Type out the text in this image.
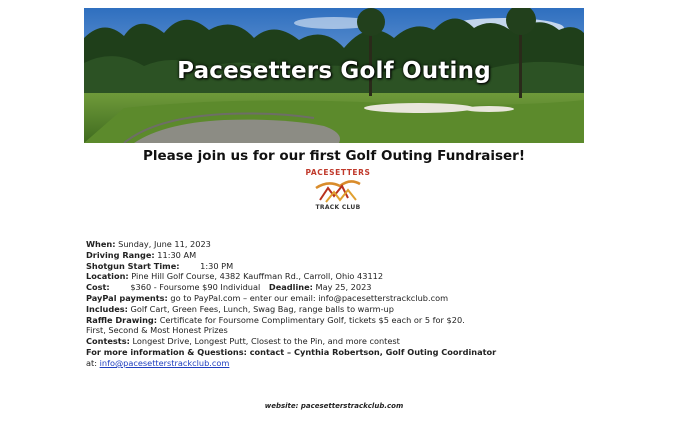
Pacesetters Golf Outing
Please join us for our first Golf Outing Fundraiser!
PACESETTERS
TRACK CLUB
When: Sunday, June 11, 2023
Driving Range: 11:30 AM
Shotgun Start Time:	1:30 PM
Location: Pine Hill Golf Course, 4382 Kauffman Rd., Carroll, Ohio 43112
Cost:	$360 - Foursome $90 Individual Deadline: May 25, 2023
PayPal payments: go to PayPal.com – enter our email: info@pacesetterstrackclub.com
Includes: Golf Cart, Green Fees, Lunch, Swag Bag, range balls to warm-up
Raffle Drawing: Certificate for Foursome Complimentary Golf, tickets $5 each or 5 for $20.
First, Second & Most Honest Prizes
Contests: Longest Drive, Longest Putt, Closest to the Pin, and more contest
For more information & Questions: contact – Cynthia Robertson, Golf Outing Coordinator
at: info@pacesetterstrackclub.com
website: pacesetterstrackclub.com
